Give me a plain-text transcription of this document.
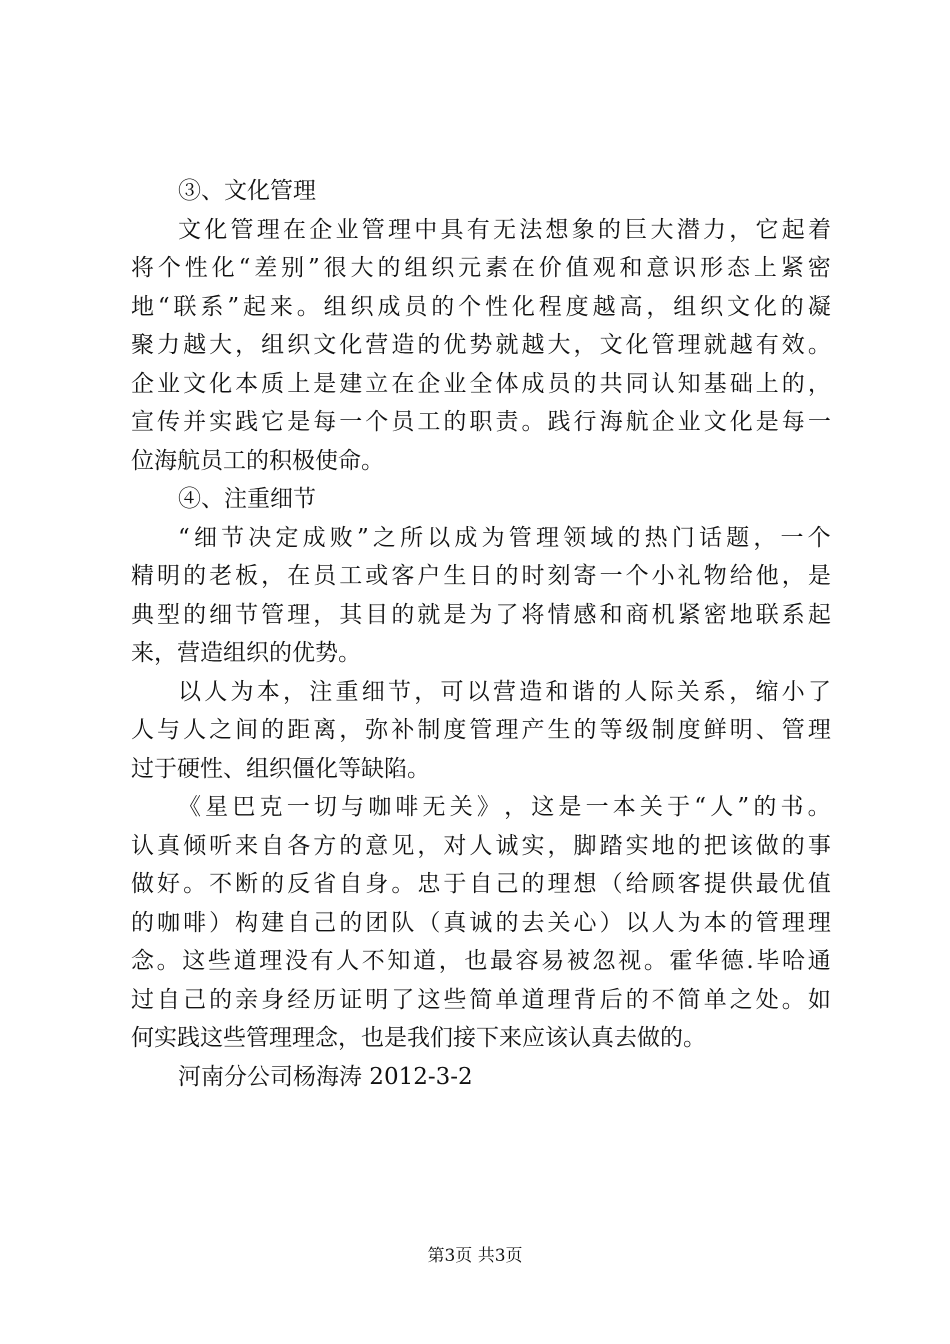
③、文化管理
文 化 管 理 在 企 业 管 理 中 具 有 无 法 想 象 的 巨 大 潜 力 ， 它 起 着
将 个 性 化 “ 差 别 ” 很 大 的 组 织 元 素 在 价 值 观 和 意 识 形 态 上 紧 密
地 “ 联 系 ” 起 来 。 组 织 成 员 的 个 性 化 程 度 越 高 ， 组 织 文 化 的 凝
聚 力 越 大 ， 组 织 文 化 营 造 的 优 势 就 越 大 ， 文 化 管 理 就 越 有 效 。
企 业 文 化 本 质 上 是 建 立 在 企 业 全 体 成 员 的 共 同 认 知 基 础 上 的 ，
宣 传 并 实 践 它 是 每 一 个 员 工 的 职 责 。 践 行 海 航 企 业 文 化 是 每 一
位海航员工的积极使命。
④、注重细节
“ 细 节 决 定 成 败 ” 之 所 以 成 为 管 理 领 域 的 热 门 话 题 ， 一 个
精 明 的 老 板 ， 在 员 工 或 客 户 生 日 的 时 刻 寄 一 个 小 礼 物 给 他 ， 是
典 型 的 细 节 管 理 ， 其 目 的 就 是 为 了 将 情 感 和 商 机 紧 密 地 联 系 起
来，营造组织的优势。
以 人 为 本 ， 注 重 细 节 ， 可 以 营 造 和 谐 的 人 际 关 系 ， 缩 小 了
人 与 人 之 间 的 距 离 ， 弥 补 制 度 管 理 产 生 的 等 级 制 度 鲜 明 、 管 理
过于硬性、组织僵化等缺陷。
《 星 巴 克 一 切 与 咖 啡 无 关 》 ， 这 是 一 本 关 于 “ 人 ” 的 书 。
认 真 倾 听 来 自 各 方 的 意 见 ， 对 人 诚 实 ， 脚 踏 实 地 的 把 该 做 的 事
做 好 。 不 断 的 反 省 自 身 。 忠 于 自 己 的 理 想 （ 给 顾 客 提 供 最 优 值
的 咖 啡 ） 构 建 自 己 的 团 队 （ 真 诚 的 去 关 心 ） 以 人 为 本 的 管 理 理
念 。 这 些 道 理 没 有 人 不 知 道 ， 也 最 容 易 被 忽 视 。 霍 华 德 . 毕 哈 通
过 自 己 的 亲 身 经 历 证 明 了 这 些 简 单 道 理 背 后 的 不 简 单 之 处 。 如
何实践这些管理理念，也是我们接下来应该认真去做的。
河南分公司杨海涛 2012-3-2
第3页 共3页
